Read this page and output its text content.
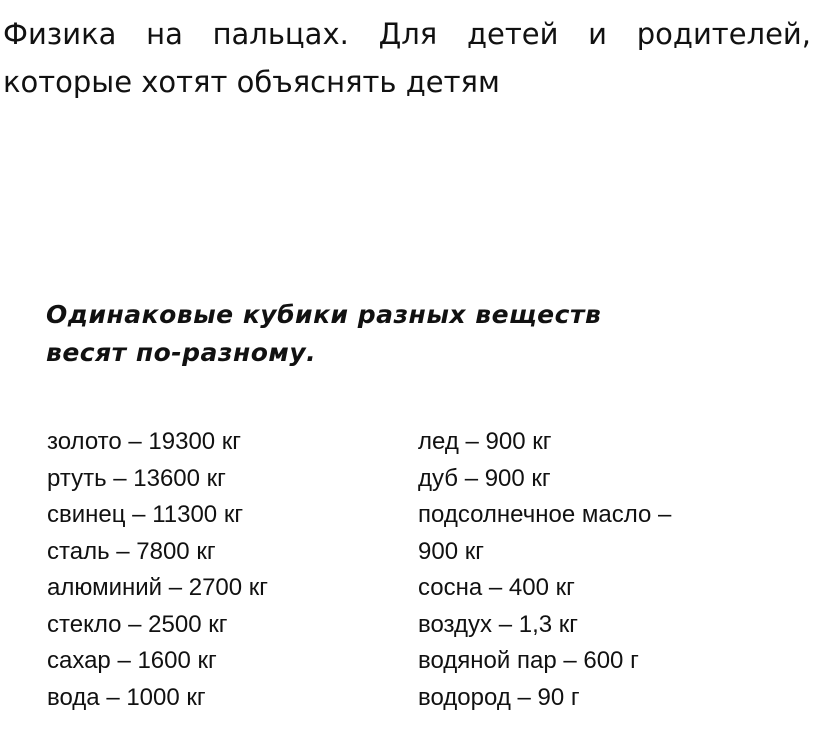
Физика на пальцах. Для детей и родителей,
которые хотят объяснять детям
Одинаковые кубики разных веществ
весят по-разному.
золото – 19300 кг
ртуть – 13600 кг
свинец – 11300 кг
сталь – 7800 кг
алюминий – 2700 кг
стекло – 2500 кг
сахар – 1600 кг
вода – 1000 кг
лед – 900 кг
дуб – 900 кг
подсолнечное масло –
900 кг
сосна – 400 кг
воздух – 1,3 кг
водяной пар – 600 г
водород – 90 г
